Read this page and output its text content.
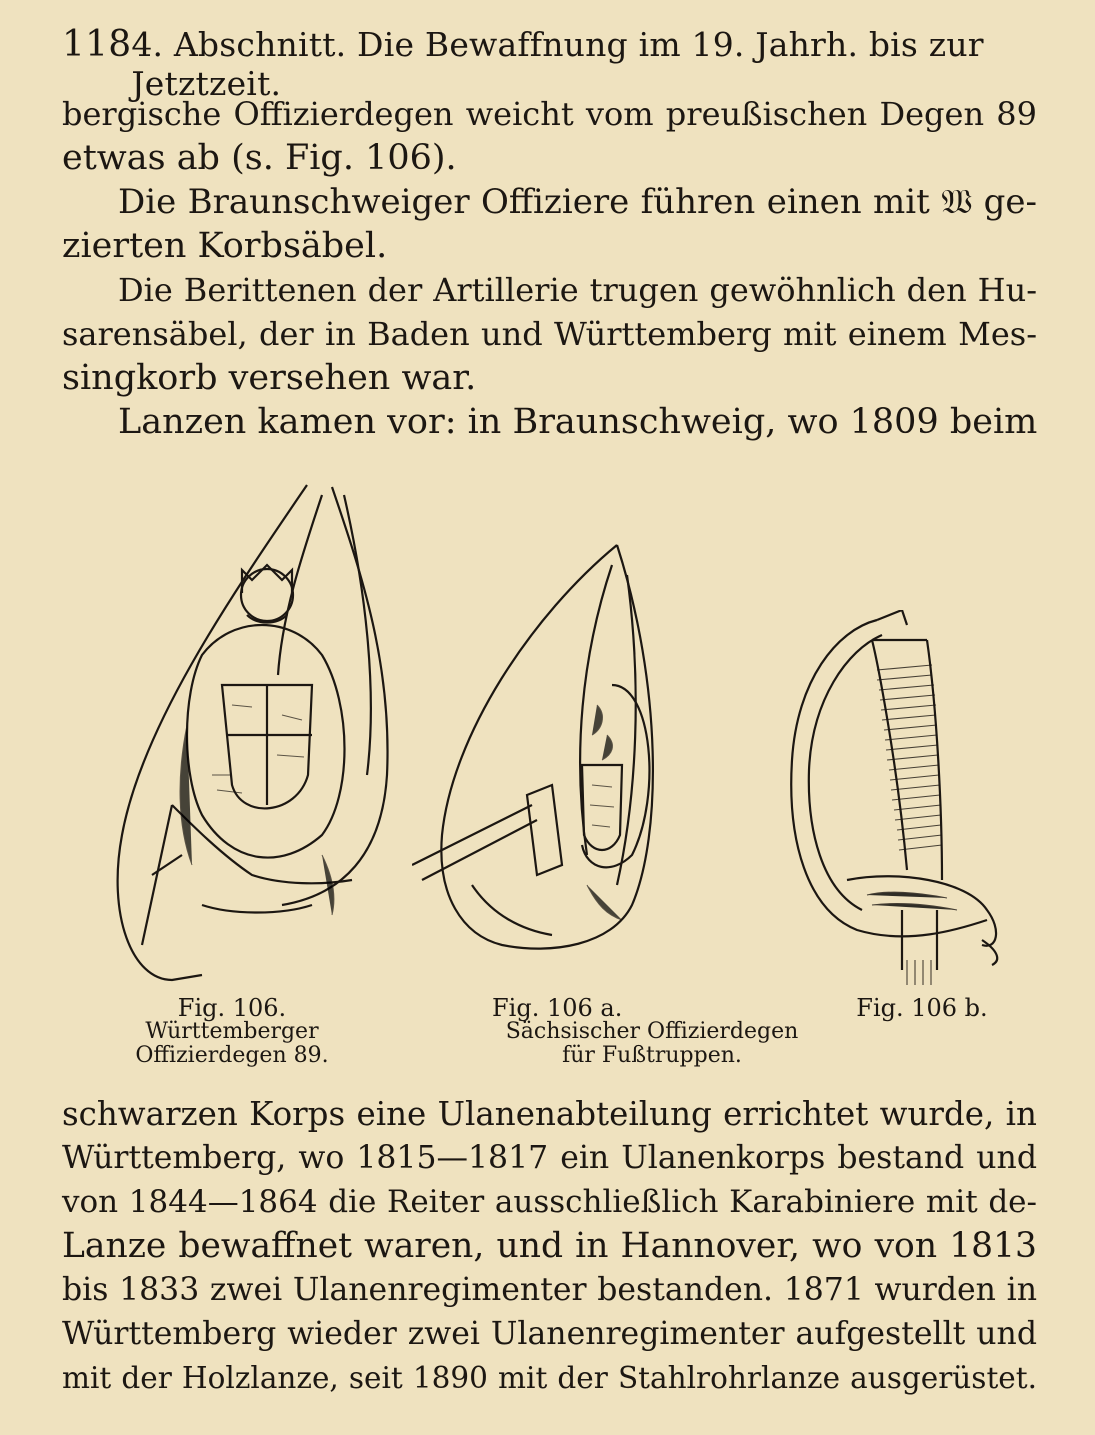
118 4. Abschnitt. Die Bewaffnung im 19. Jahrh. bis zur Jetztzeit.

bergische Offizierdegen weicht vom preußischen Degen 89
etwas ab (s. Fig. 106).

Die Braunschweiger Offiziere führen einen mit 𝔚 ge-
zierten Korbsäbel.

Die Berittenen der Artillerie trugen gewöhnlich den Hu-
sarensäbel, der in Baden und Württemberg mit einem Mes-
singkorb versehen war.

Lanzen kamen vor: in Braunschweig, wo 1809 beim

Fig. 106.
Württemberger
Offizierdegen 89.
Fig. 106 a.
Sächsischer Offizierdegen
für Fußtruppen.
Fig. 106 b.

schwarzen Korps eine Ulanenabteilung errichtet wurde, in
Württemberg, wo 1815—1817 ein Ulanenkorps bestand und
von 1844—1864 die Reiter ausschließlich Karabiniere mit de-
Lanze bewaffnet waren, und in Hannover, wo von 1813
bis 1833 zwei Ulanenregimenter bestanden. 1871 wurden in
Württemberg wieder zwei Ulanenregimenter aufgestellt und
mit der Holzlanze, seit 1890 mit der Stahlrohrlanze ausgerüstet.
